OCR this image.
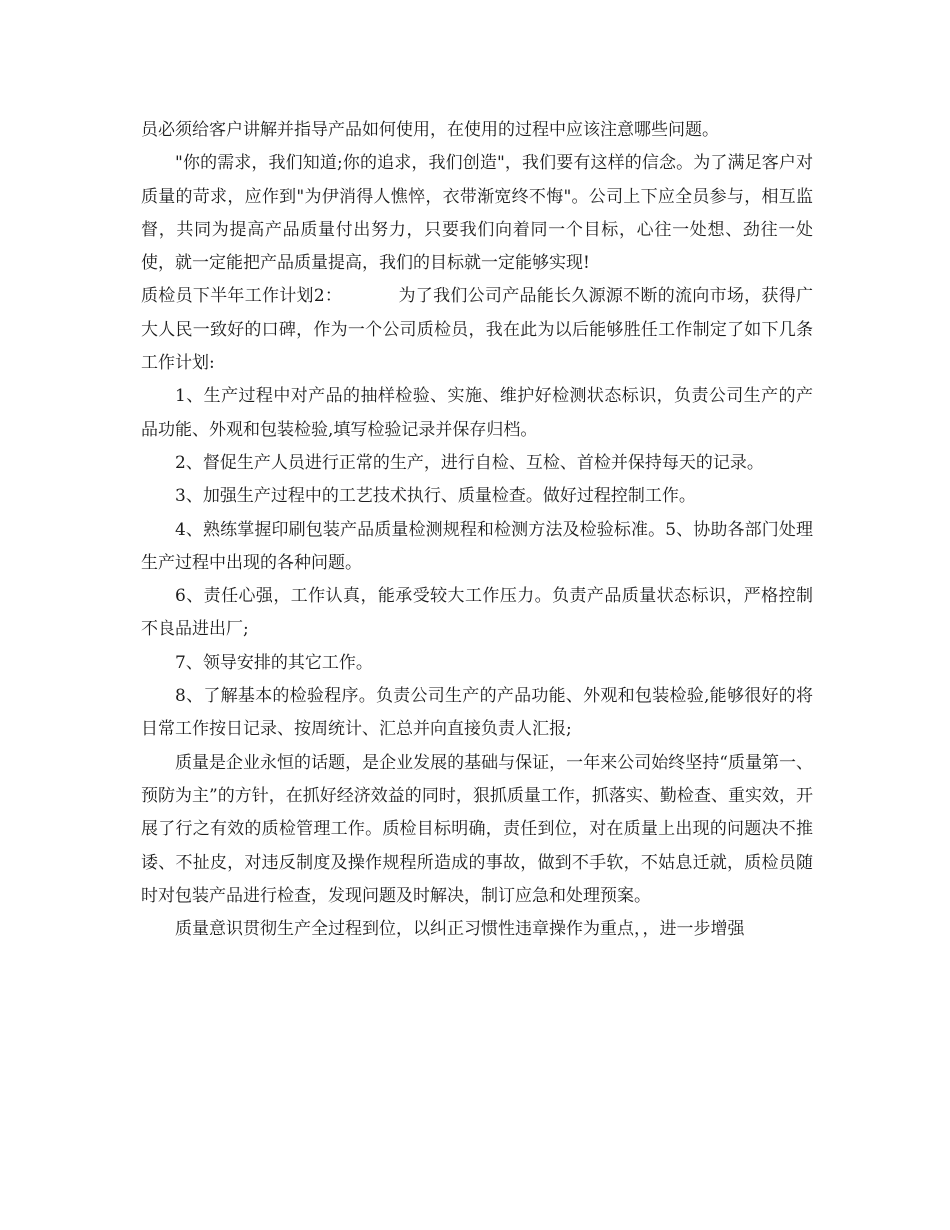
员必须给客户讲解并指导产品如何使用，在使用的过程中应该注意哪些问题。

"你的需求，我们知道;你的追求，我们创造"，我们要有这样的信念。为了满足客户对质量的苛求，应作到"为伊消得人憔悴，衣带渐宽终不悔"。公司上下应全员参与，相互监督，共同为提高产品质量付出努力，只要我们向着同一个目标，心往一处想、劲往一处使，就一定能把产品质量提高，我们的目标就一定能够实现!

质检员下半年工作计划2：	为了我们公司产品能长久源源不断的流向市场，获得广大人民一致好的口碑，作为一个公司质检员，我在此为以后能够胜任工作制定了如下几条工作计划:

1、生产过程中对产品的抽样检验、实施、维护好检测状态标识，负责公司生产的产品功能、外观和包装检验,填写检验记录并保存归档。

2、督促生产人员进行正常的生产，进行自检、互检、首检并保持每天的记录。

3、加强生产过程中的工艺技术执行、质量检查。做好过程控制工作。

4、熟练掌握印刷包装产品质量检测规程和检测方法及检验标准。5、协助各部门处理生产过程中出现的各种问题。

6、责任心强，工作认真，能承受较大工作压力。负责产品质量状态标识，严格控制不良品进出厂;

7、领导安排的其它工作。

8、了解基本的检验程序。负责公司生产的产品功能、外观和包装检验,能够很好的将日常工作按日记录、按周统计、汇总并向直接负责人汇报;

质量是企业永恒的话题，是企业发展的基础与保证，一年来公司始终坚持“质量第一、预防为主”的方针，在抓好经济效益的同时，狠抓质量工作，抓落实、勤检查、重实效，开展了行之有效的质检管理工作。质检目标明确，责任到位，对在质量上出现的问题决不推诿、不扯皮，对违反制度及操作规程所造成的事故，做到不手软，不姑息迁就，质检员随时对包装产品进行检查，发现问题及时解决，制订应急和处理预案。

质量意识贯彻生产全过程到位，以纠正习惯性违章操作为重点，，进一步增强
